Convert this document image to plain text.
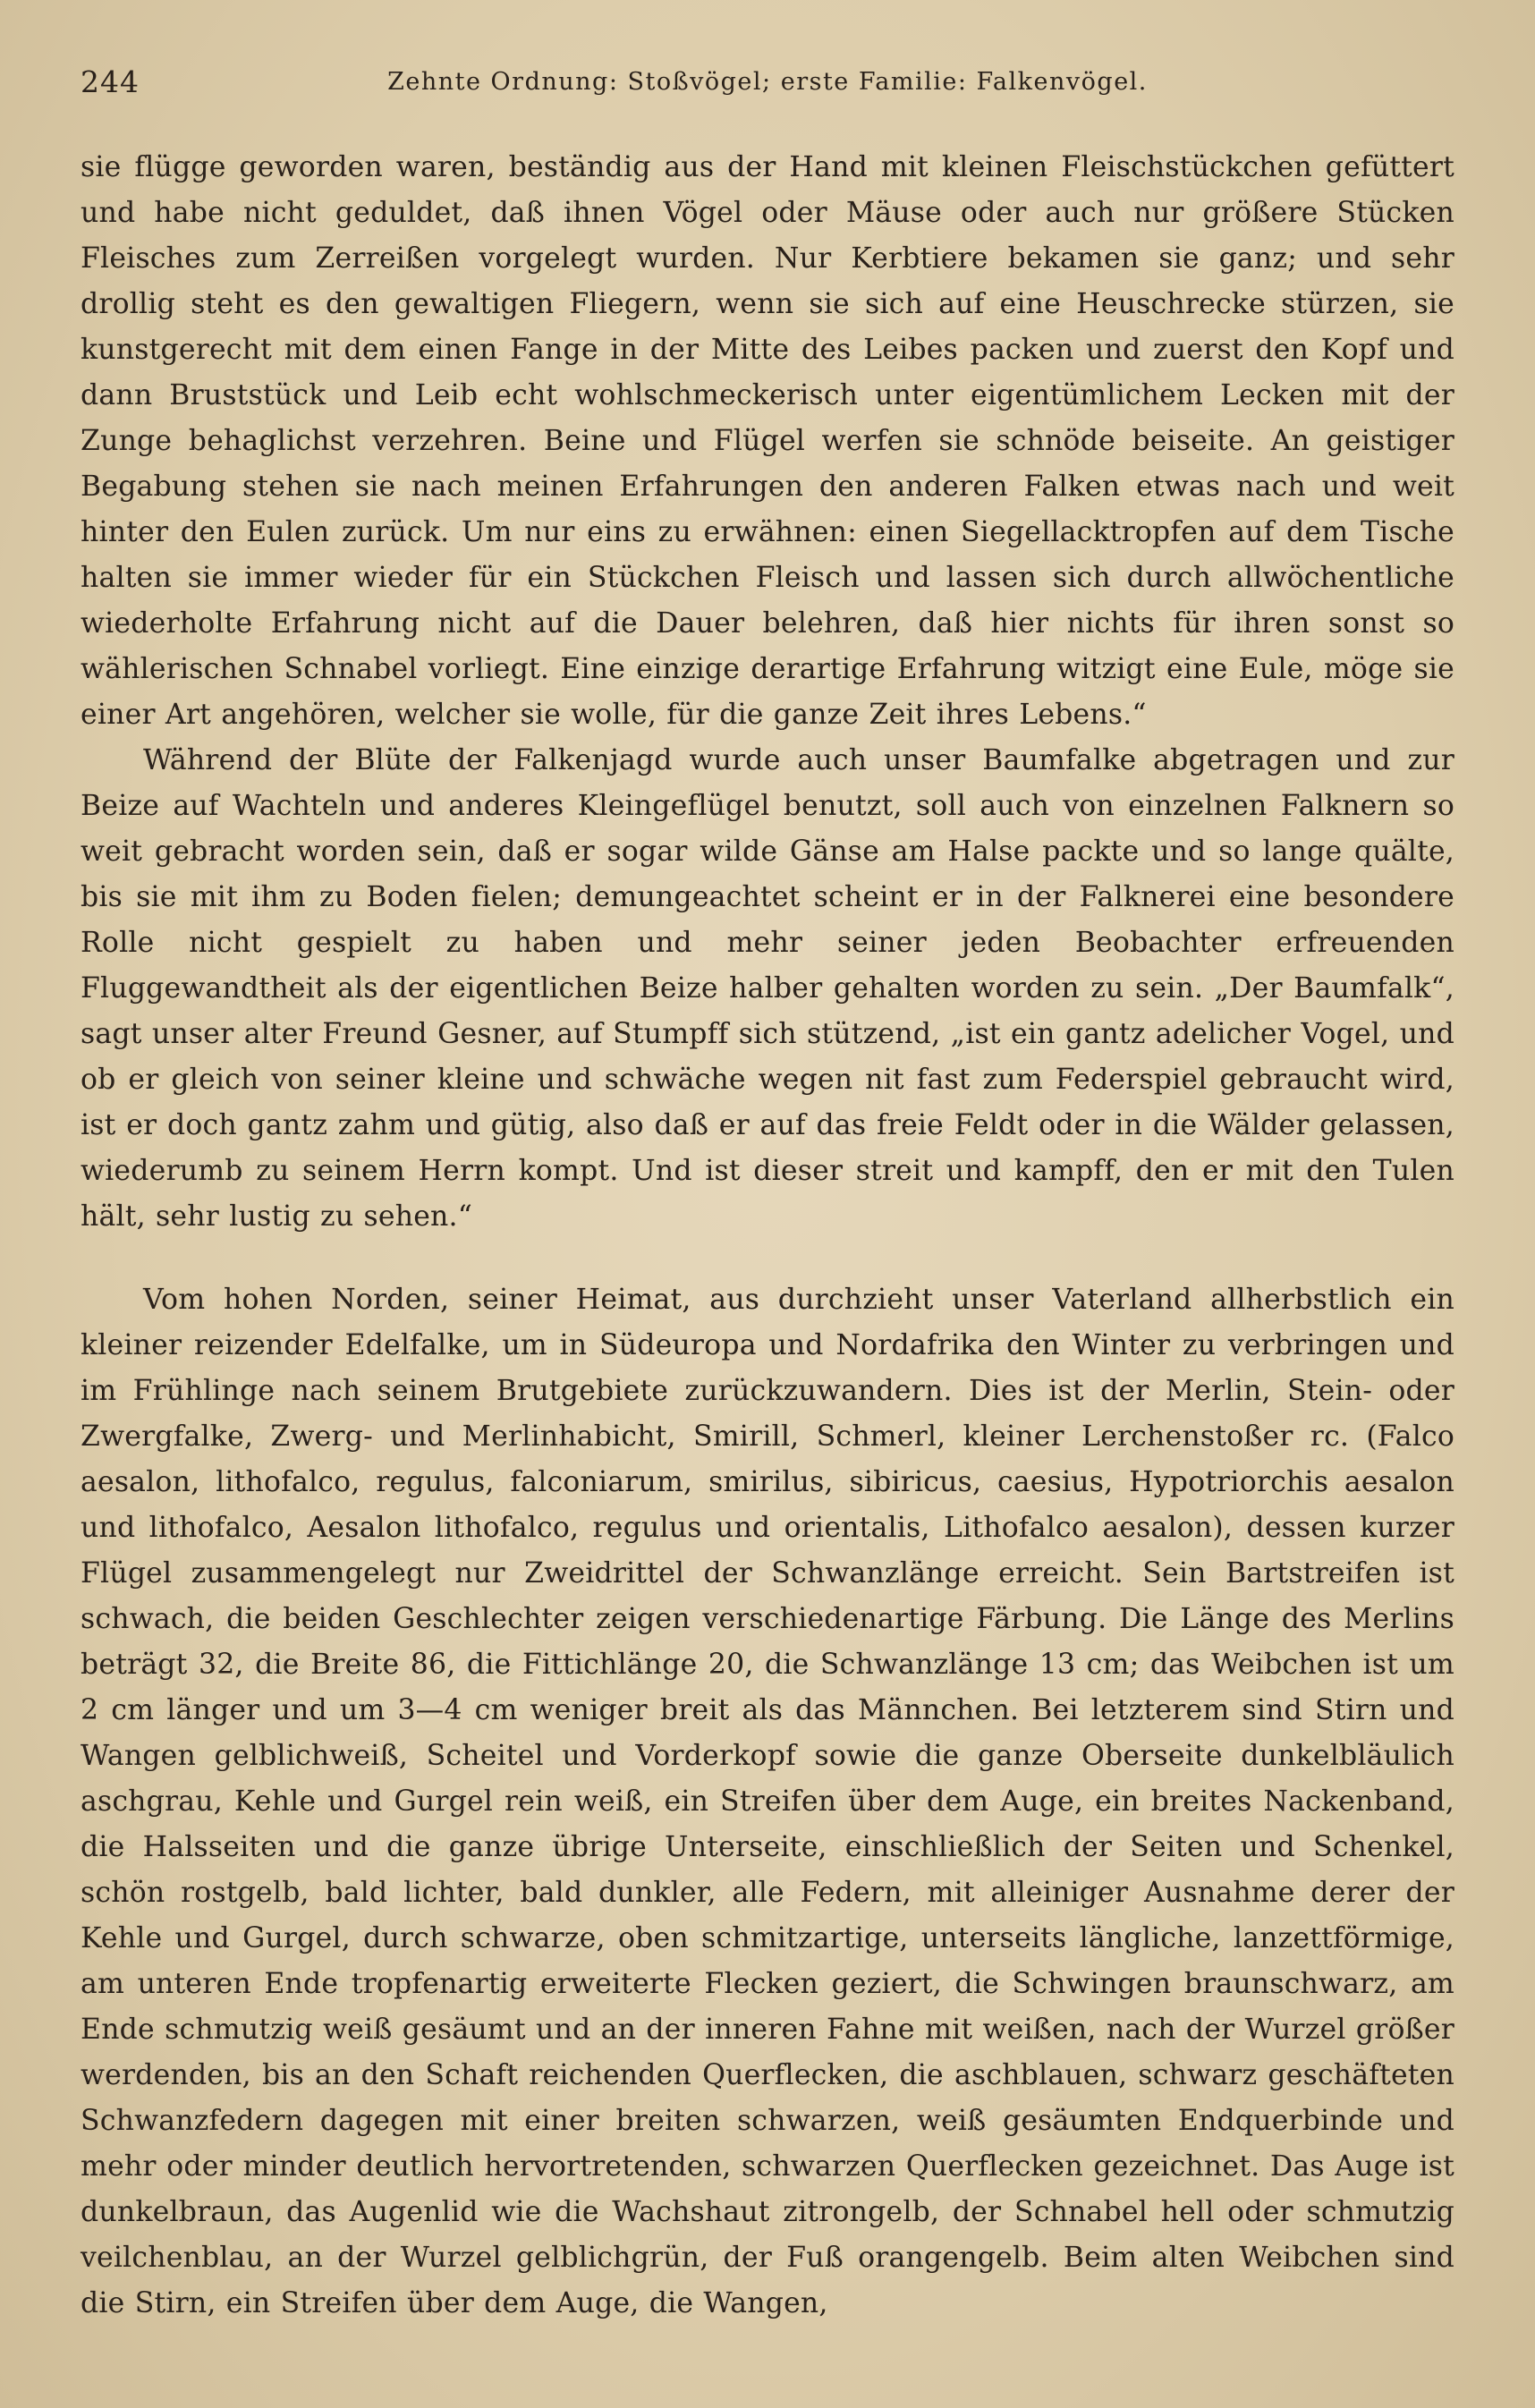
244	Zehnte Ordnung: Stoßvögel; erste Familie: Falkenvögel.

sie flügge geworden waren, beständig aus der Hand mit kleinen Fleischstückchen gefüttert und habe nicht geduldet, daß ihnen Vögel oder Mäuse oder auch nur größere Stücken Fleisches zum Zerreißen vorgelegt wurden. Nur Kerbtiere bekamen sie ganz; und sehr drollig steht es den gewaltigen Fliegern, wenn sie sich auf eine Heuschrecke stürzen, sie kunstgerecht mit dem einen Fange in der Mitte des Leibes packen und zuerst den Kopf und dann Bruststück und Leib echt wohlschmeckerisch unter eigentümlichem Lecken mit der Zunge behaglichst verzehren. Beine und Flügel werfen sie schnöde beiseite. An geistiger Begabung stehen sie nach meinen Erfahrungen den anderen Falken etwas nach und weit hinter den Eulen zurück. Um nur eins zu erwähnen: einen Siegellacktropfen auf dem Tische halten sie immer wieder für ein Stückchen Fleisch und lassen sich durch allwöchentliche wiederholte Erfahrung nicht auf die Dauer belehren, daß hier nichts für ihren sonst so wählerischen Schnabel vorliegt. Eine einzige derartige Erfahrung witzigt eine Eule, möge sie einer Art angehören, welcher sie wolle, für die ganze Zeit ihres Lebens.“

Während der Blüte der Falkenjagd wurde auch unser Baumfalke abgetragen und zur Beize auf Wachteln und anderes Kleingeflügel benutzt, soll auch von einzelnen Falknern so weit gebracht worden sein, daß er sogar wilde Gänse am Halse packte und so lange quälte, bis sie mit ihm zu Boden fielen; demungeachtet scheint er in der Falknerei eine besondere Rolle nicht gespielt zu haben und mehr seiner jeden Beobachter erfreuenden Fluggewandtheit als der eigentlichen Beize halber gehalten worden zu sein. „Der Baumfalk“, sagt unser alter Freund Gesner, auf Stumpff sich stützend, „ist ein gantz adelicher Vogel, und ob er gleich von seiner kleine und schwäche wegen nit fast zum Federspiel gebraucht wird, ist er doch gantz zahm und gütig, also daß er auf das freie Feldt oder in die Wälder gelassen, wiederumb zu seinem Herrn kompt. Und ist dieser streit und kampff, den er mit den Tulen hält, sehr lustig zu sehen.“

Vom hohen Norden, seiner Heimat, aus durchzieht unser Vaterland allherbstlich ein kleiner reizender Edelfalke, um in Südeuropa und Nordafrika den Winter zu verbringen und im Frühlinge nach seinem Brutgebiete zurückzuwandern. Dies ist der Merlin, Stein- oder Zwergfalke, Zwerg- und Merlinhabicht, Smirill, Schmerl, kleiner Lerchenstoßer rc. (Falco aesalon, lithofalco, regulus, falconiarum, smirilus, sibiricus, caesius, Hypotriorchis aesalon und lithofalco, Aesalon lithofalco, regulus und orientalis, Lithofalco aesalon), dessen kurzer Flügel zusammengelegt nur Zweidrittel der Schwanzlänge erreicht. Sein Bartstreifen ist schwach, die beiden Geschlechter zeigen verschiedenartige Färbung. Die Länge des Merlins beträgt 32, die Breite 86, die Fittichlänge 20, die Schwanzlänge 13 cm; das Weibchen ist um 2 cm länger und um 3—4 cm weniger breit als das Männchen. Bei letzterem sind Stirn und Wangen gelblichweiß, Scheitel und Vorderkopf sowie die ganze Oberseite dunkelbläulich aschgrau, Kehle und Gurgel rein weiß, ein Streifen über dem Auge, ein breites Nackenband, die Halsseiten und die ganze übrige Unterseite, einschließlich der Seiten und Schenkel, schön rostgelb, bald lichter, bald dunkler, alle Federn, mit alleiniger Ausnahme derer der Kehle und Gurgel, durch schwarze, oben schmitzartige, unterseits längliche, lanzettförmige, am unteren Ende tropfenartig erweiterte Flecken geziert, die Schwingen braunschwarz, am Ende schmutzig weiß gesäumt und an der inneren Fahne mit weißen, nach der Wurzel größer werdenden, bis an den Schaft reichenden Querflecken, die aschblauen, schwarz geschäfteten Schwanzfedern dagegen mit einer breiten schwarzen, weiß gesäumten Endquerbinde und mehr oder minder deutlich hervortretenden, schwarzen Querflecken gezeichnet. Das Auge ist dunkelbraun, das Augenlid wie die Wachshaut zitrongelb, der Schnabel hell oder schmutzig veilchenblau, an der Wurzel gelblichgrün, der Fuß orangengelb. Beim alten Weibchen sind die Stirn, ein Streifen über dem Auge, die Wangen,
